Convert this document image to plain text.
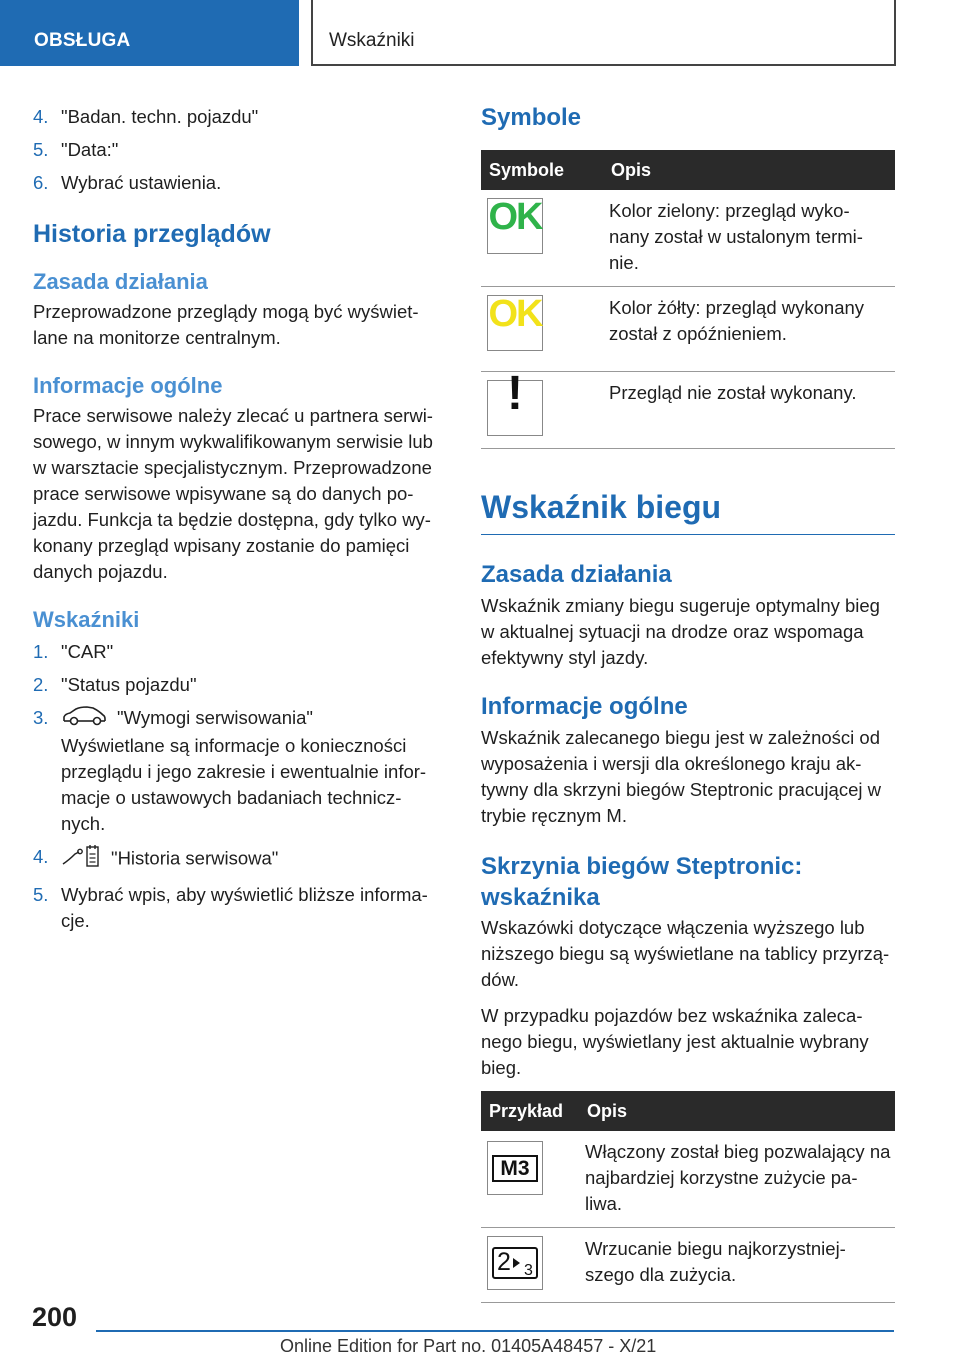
OBSŁUGA	Wskaźniki
4. "Badan. techn. pojazdu"
5. "Data:"
6. Wybrać ustawienia.
Historia przeglądów
Zasada działania
Przeprowadzone przeglądy mogą być wyświet- lane na monitorze centralnym.
Informacje ogólne
Prace serwisowe należy zlecać u partnera serwi- sowego, w innym wykwalifikowanym serwisie lub w warsztacie specjalistycznym. Przeprowadzone prace serwisowe wpisywane są do danych po- jazdu. Funkcja ta będzie dostępna, gdy tylko wy- konany przegląd wpisany zostanie do pamięci danych pojazdu.
Wskaźniki
1. "CAR"
2. "Status pojazdu"
3.	"Wymogi serwisowania"
Wyświetlane są informacje o konieczności przeglądu i jego zakresie i ewentualnie infor- macje o ustawowych badaniach technicz- nych.
4.	"Historia serwisowa"
5. Wybrać wpis, aby wyświetlić bliższe informa- cje.
Symbole
Symbole	Opis

OK	Kolor zielony: przegląd wyko- nany został w ustalonym termi- nie.

OK	Kolor żółty: przegląd wykonany został z opóźnieniem.

!	Przegląd nie został wykonany.
Wskaźnik biegu
Zasada działania
Wskaźnik zmiany biegu sugeruje optymalny bieg w aktualnej sytuacji na drodze oraz wspomaga efektywny styl jazdy.
Informacje ogólne
Wskaźnik zalecanego biegu jest w zależności od wyposażenia i wersji dla określonego kraju ak- tywny dla skrzyni biegów Steptronic pracującej w trybie ręcznym M.
Skrzynia biegów Steptronic: wskaźnika
Wskazówki dotyczące włączenia wyższego lub niższego biegu są wyświetlane na tablicy przyrzą- dów.
W przypadku pojazdów bez wskaźnika zaleca- nego biegu, wyświetlany jest aktualnie wybrany bieg.
Przykład	Opis

M3	Włączony został bieg pozwalający na najbardziej korzystne zużycie pa- liwa.

2 3	Wrzucanie biegu najkorzystniej- szego dla zużycia.
200
Online Edition for Part no. 01405A48457 - X/21
